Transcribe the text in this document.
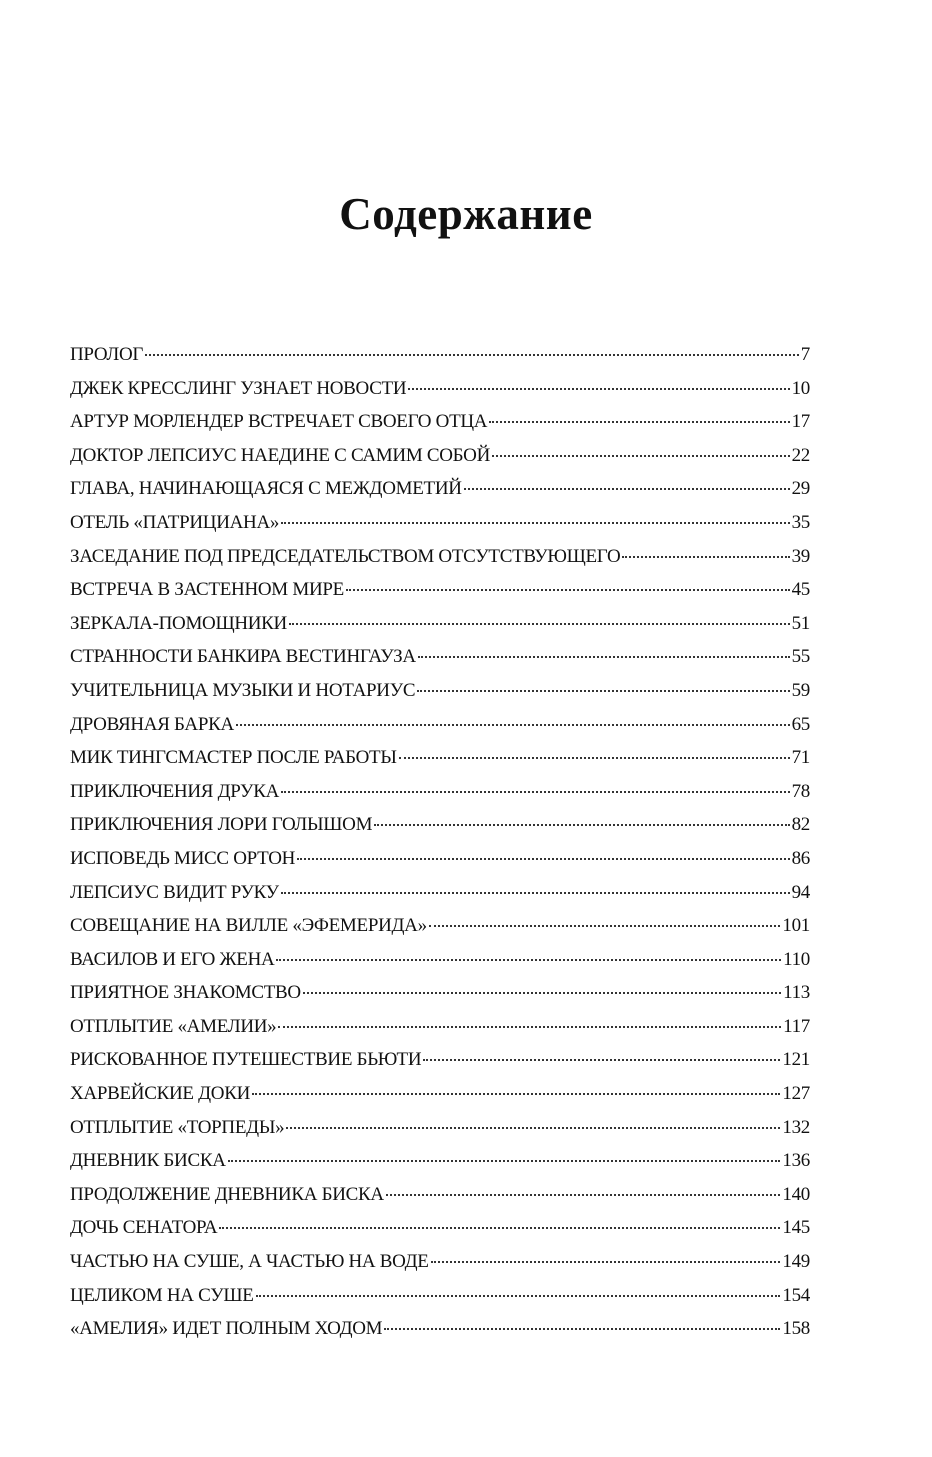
Содержание
ПРОЛОГ	7
ДЖЕК КРЕССЛИНГ УЗНАЕТ НОВОСТИ	10
АРТУР МОРЛЕНДЕР ВСТРЕЧАЕТ СВОЕГО ОТЦА	17
ДОКТОР ЛЕПСИУС НАЕДИНЕ С САМИМ СОБОЙ	22
ГЛАВА, НАЧИНАЮЩАЯСЯ С МЕЖДОМЕТИЙ	29
ОТЕЛЬ «ПАТРИЦИАНА»	35
ЗАСЕДАНИЕ ПОД ПРЕДСЕДАТЕЛЬСТВОМ ОТСУТСТВУЮЩЕГО	39
ВСТРЕЧА В ЗАСТЕННОМ МИРЕ	45
ЗЕРКАЛА-ПОМОЩНИКИ	51
СТРАННОСТИ БАНКИРА ВЕСТИНГАУЗА	55
УЧИТЕЛЬНИЦА МУЗЫКИ И НОТАРИУС	59
ДРОВЯНАЯ БАРКА	65
МИК ТИНГСМАСТЕР ПОСЛЕ РАБОТЫ	71
ПРИКЛЮЧЕНИЯ ДРУКА	78
ПРИКЛЮЧЕНИЯ ЛОРИ ГОЛЫШОМ	82
ИСПОВЕДЬ МИСС ОРТОН	86
ЛЕПСИУС ВИДИТ РУКУ	94
СОВЕЩАНИЕ НА ВИЛЛЕ «ЭФЕМЕРИДА»	101
ВАСИЛОВ И ЕГО ЖЕНА	110
ПРИЯТНОЕ ЗНАКОМСТВО	113
ОТПЛЫТИЕ «АМЕЛИИ»	117
РИСКОВАННОЕ ПУТЕШЕСТВИЕ БЬЮТИ	121
ХАРВЕЙСКИЕ ДОКИ	127
ОТПЛЫТИЕ «ТОРПЕДЫ»	132
ДНЕВНИК БИСКА	136
ПРОДОЛЖЕНИЕ ДНЕВНИКА БИСКА	140
ДОЧЬ СЕНАТОРА	145
ЧАСТЬЮ НА СУШЕ, А ЧАСТЬЮ НА ВОДЕ	149
ЦЕЛИКОМ НА СУШЕ	154
«АМЕЛИЯ» ИДЕТ ПОЛНЫМ ХОДОМ	158
